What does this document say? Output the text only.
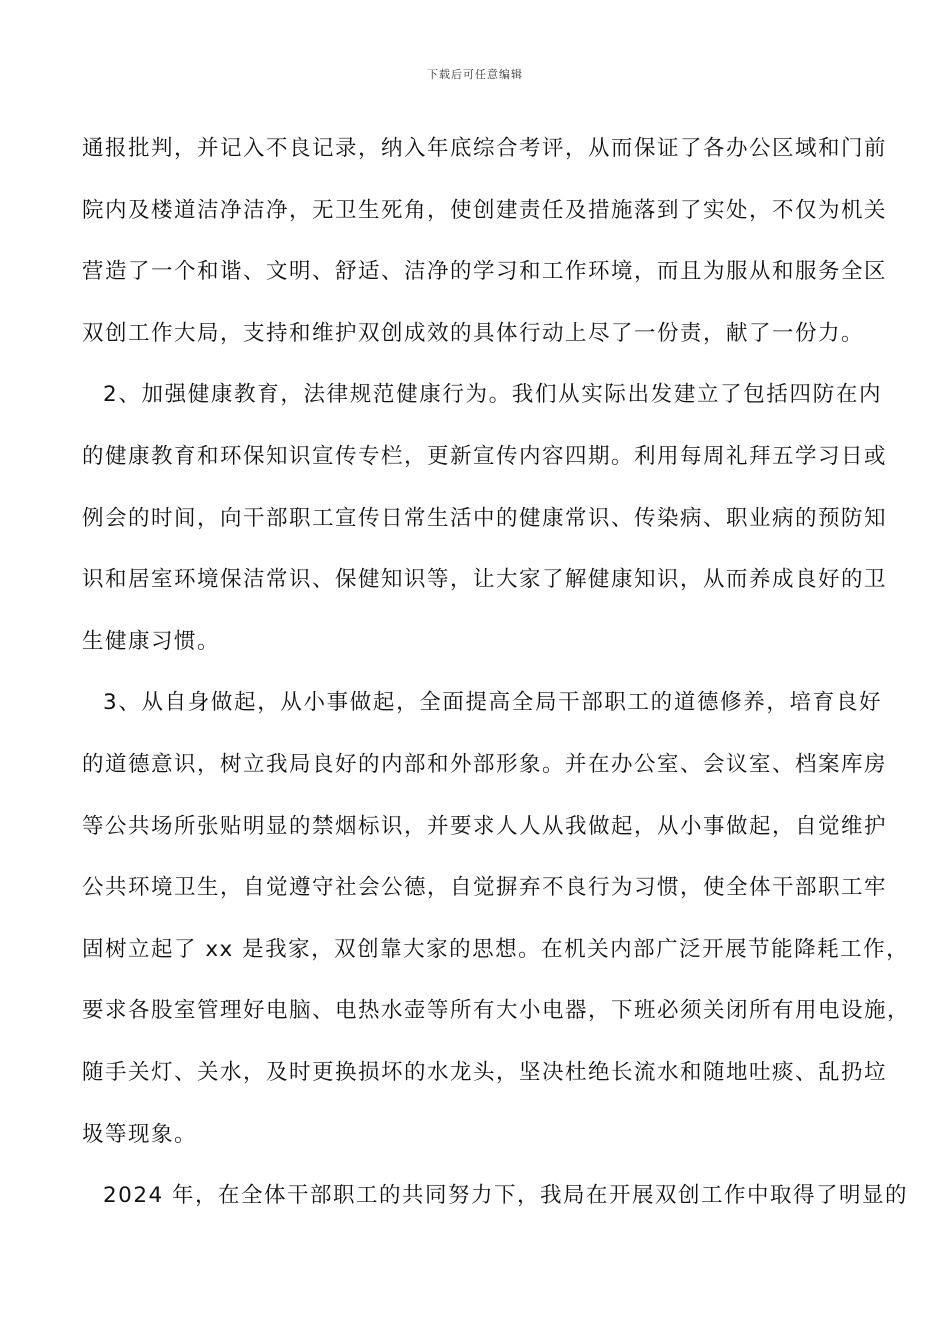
下载后可任意编辑
通报批判，并记入不良记录，纳入年底综合考评，从而保证了各办公区域和门前
院内及楼道洁净洁净，无卫生死角，使创建责任及措施落到了实处，不仅为机关
营造了一个和谐、文明、舒适、洁净的学习和工作环境，而且为服从和服务全区
双创工作大局，支持和维护双创成效的具体行动上尽了一份责，献了一份力。
2、加强健康教育，法律规范健康行为。我们从实际出发建立了包括四防在内
的健康教育和环保知识宣传专栏，更新宣传内容四期。利用每周礼拜五学习日或
例会的时间，向干部职工宣传日常生活中的健康常识、传染病、职业病的预防知
识和居室环境保洁常识、保健知识等，让大家了解健康知识，从而养成良好的卫
生健康习惯。
3、从自身做起，从小事做起，全面提高全局干部职工的道德修养，培育良好
的道德意识，树立我局良好的内部和外部形象。并在办公室、会议室、档案库房
等公共场所张贴明显的禁烟标识，并要求人人从我做起，从小事做起，自觉维护
公共环境卫生，自觉遵守社会公德，自觉摒弃不良行为习惯，使全体干部职工牢
固树立起了 xx 是我家，双创靠大家的思想。在机关内部广泛开展节能降耗工作，
要求各股室管理好电脑、电热水壶等所有大小电器，下班必须关闭所有用电设施，
随手关灯、关水，及时更换损坏的水龙头，坚决杜绝长流水和随地吐痰、乱扔垃
圾等现象。
2024 年，在全体干部职工的共同努力下，我局在开展双创工作中取得了明显的
